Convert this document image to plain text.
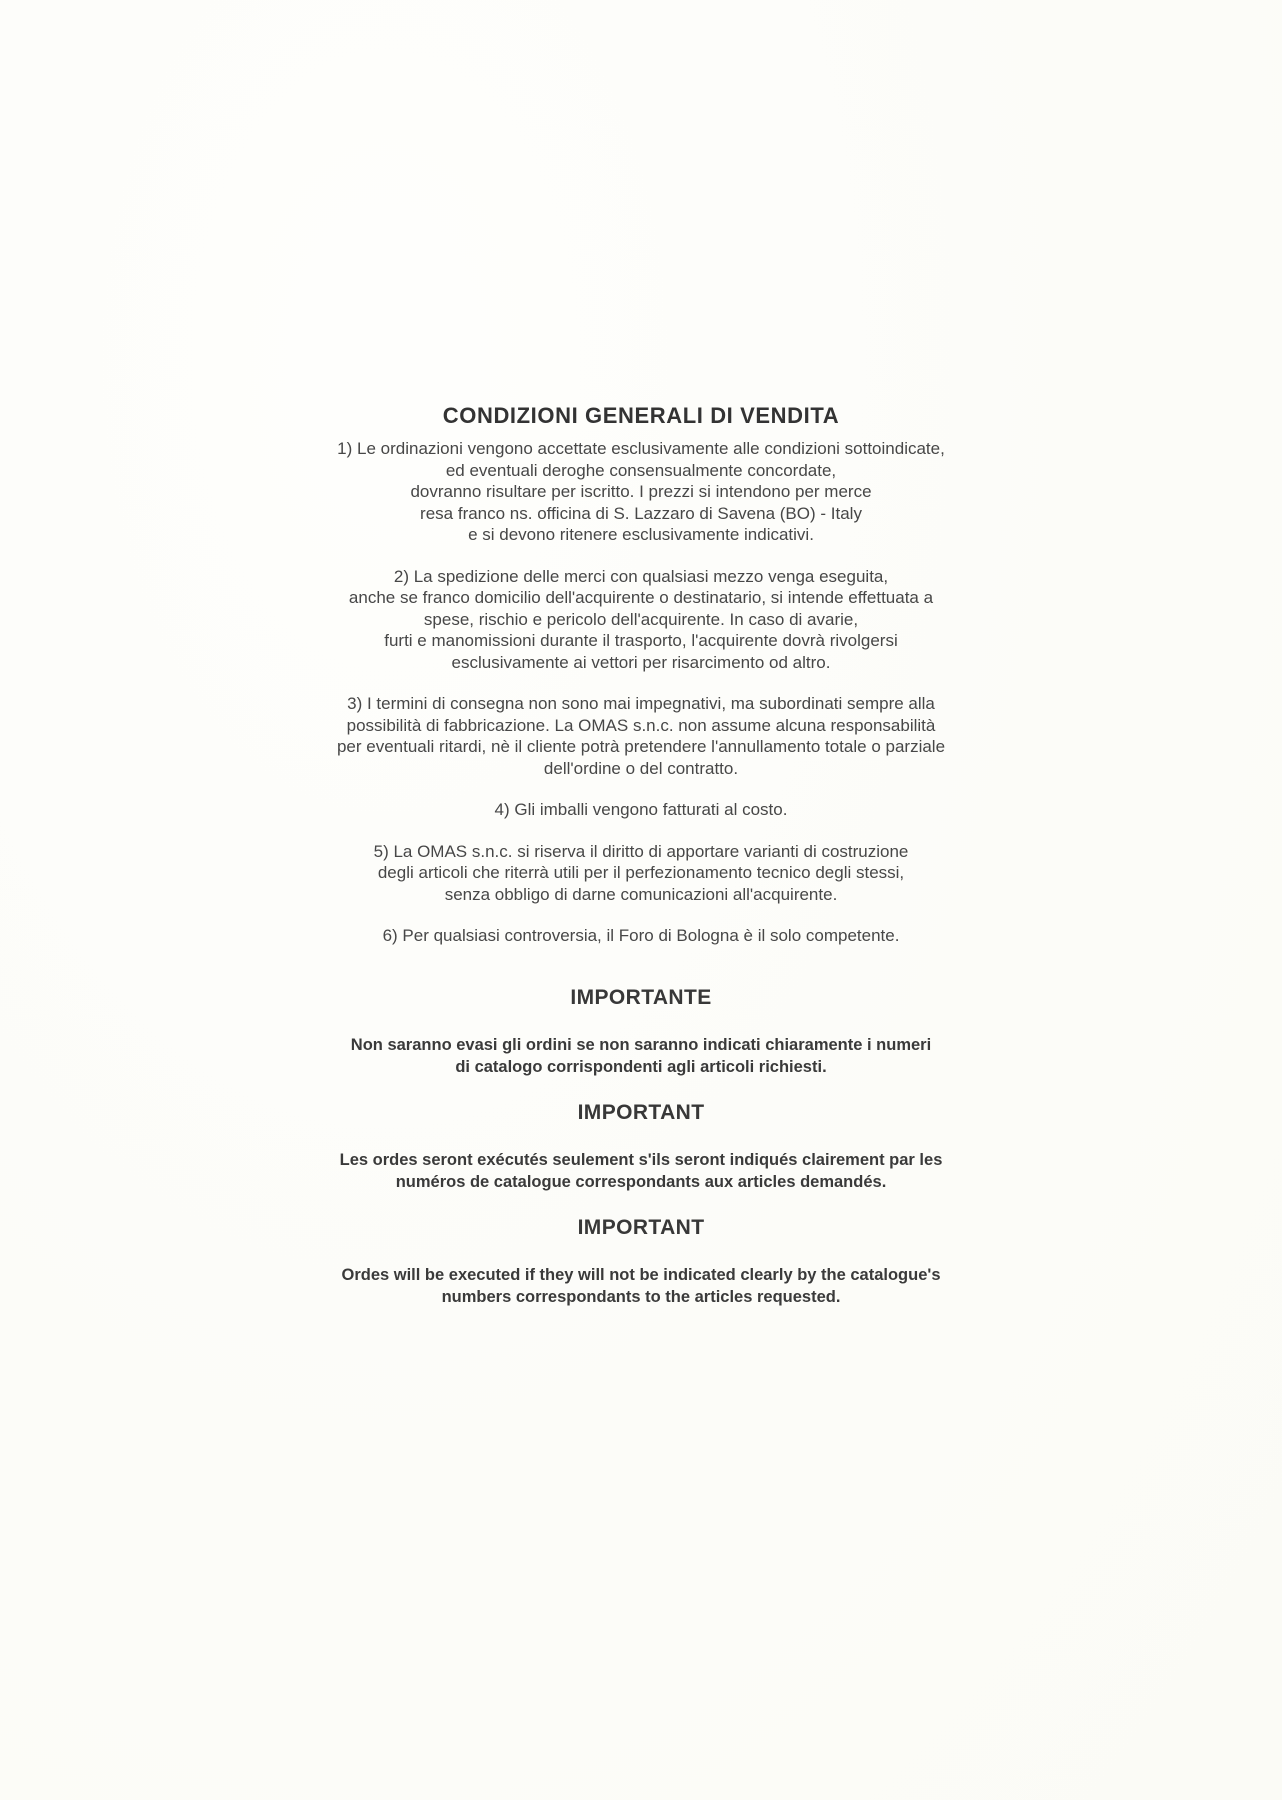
CONDIZIONI GENERALI DI VENDITA
1) Le ordinazioni vengono accettate esclusivamente alle condizioni sottoindicate,
ed eventuali deroghe consensualmente concordate,
dovranno risultare per iscritto. I prezzi si intendono per merce
resa franco ns. officina di S. Lazzaro di Savena (BO) - Italy
e si devono ritenere esclusivamente indicativi.
2) La spedizione delle merci con qualsiasi mezzo venga eseguita,
anche se franco domicilio dell'acquirente o destinatario, si intende effettuata a
spese, rischio e pericolo dell'acquirente. In caso di avarie,
furti e manomissioni durante il trasporto, l'acquirente dovrà rivolgersi
esclusivamente ai vettori per risarcimento od altro.
3) I termini di consegna non sono mai impegnativi, ma subordinati sempre alla
possibilità di fabbricazione. La OMAS s.n.c. non assume alcuna responsabilità
per eventuali ritardi, nè il cliente potrà pretendere l'annullamento totale o parziale
dell'ordine o del contratto.
4) Gli imballi vengono fatturati al costo.
5) La OMAS s.n.c. si riserva il diritto di apportare varianti di costruzione
degli articoli che riterrà utili per il perfezionamento tecnico degli stessi,
senza obbligo di darne comunicazioni all'acquirente.
6) Per qualsiasi controversia, il Foro di Bologna è il solo competente.
IMPORTANTE
Non saranno evasi gli ordini se non saranno indicati chiaramente i numeri
di catalogo corrispondenti agli articoli richiesti.
IMPORTANT
Les ordes seront exécutés seulement s'ils seront indiqués clairement par les
numéros de catalogue correspondants aux articles demandés.
IMPORTANT
Ordes will be executed if they will not be indicated clearly by the catalogue's
numbers correspondants to the articles requested.
